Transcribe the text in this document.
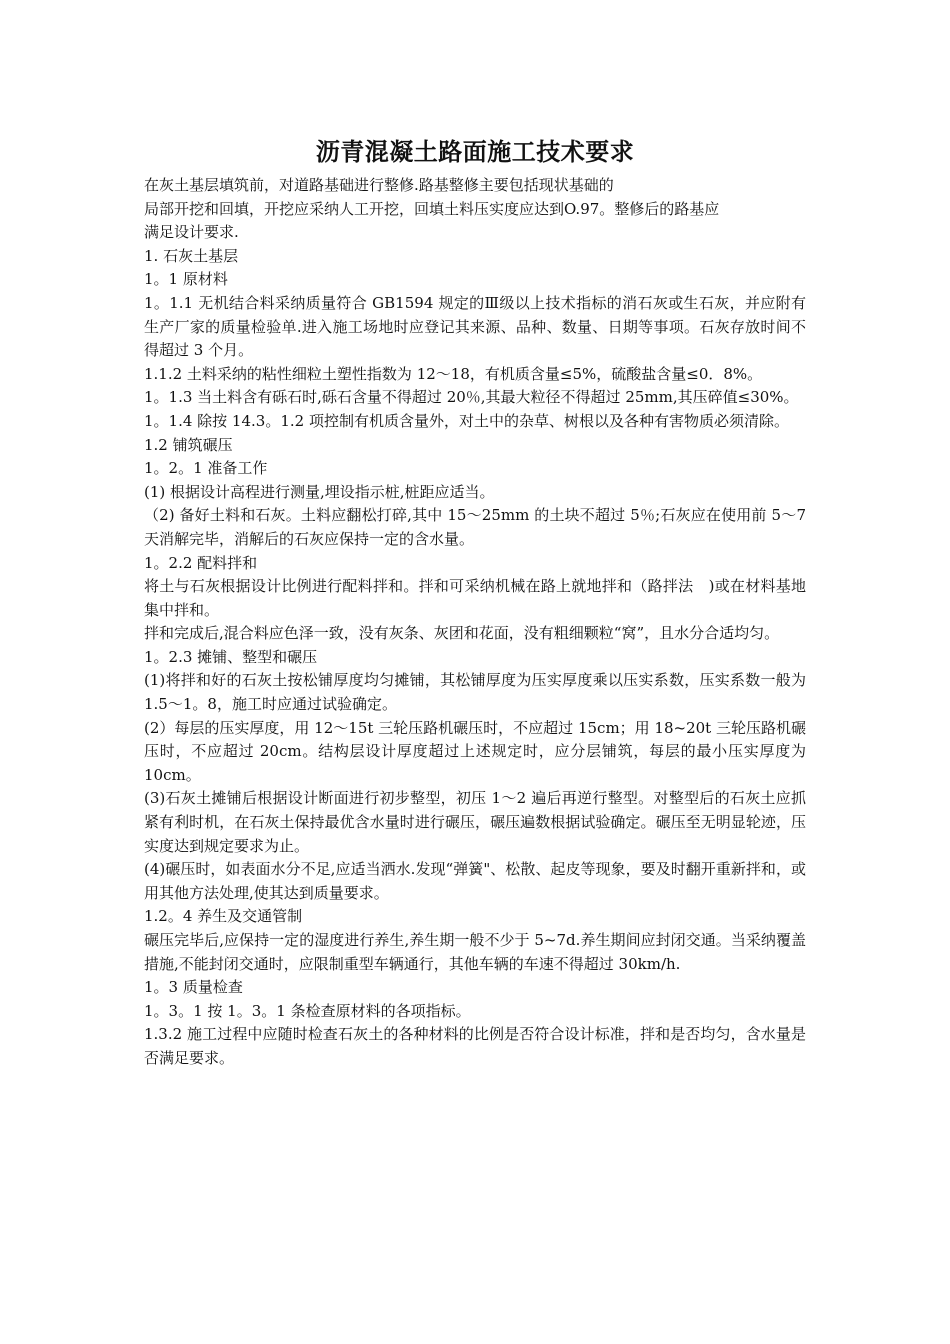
沥青混凝土路面施工技术要求

在灰土基层填筑前，对道路基础进行整修.路基整修主要包括现状基础的

局部开挖和回填，开挖应采纳人工开挖，回填土料压实度应达到O.97。整修后的路基应

满足设计要求.

1. 石灰土基层

1。1 原材料

1。1.1 无机结合料采纳质量符合 GB1594 规定的Ⅲ级以上技术指标的消石灰或生石灰，并应附有生产厂家的质量检验单.进入施工场地时应登记其来源、品种、数量、日期等事项。石灰存放时间不得超过 3 个月。

1.1.2 土料采纳的粘性细粒土塑性指数为 12～18，有机质含量≤5%，硫酸盐含量≤0．8%。

1。1.3 当土料含有砾石时,砾石含量不得超过 20％,其最大粒径不得超过 25mm,其压碎值≤30%。

1。1.4 除按 14.3。1.2 项控制有机质含量外，对土中的杂草、树根以及各种有害物质必须清除。

1.2 铺筑碾压

1。2。1 准备工作

(1) 根据设计高程进行测量,埋设指示桩,桩距应适当。

（2) 备好土料和石灰。土料应翻松打碎,其中 15～25mm 的土块不超过 5％;石灰应在使用前 5～7 天消解完毕，消解后的石灰应保持一定的含水量。

1。2.2 配料拌和

将土与石灰根据设计比例进行配料拌和。拌和可采纳机械在路上就地拌和（路拌法　)或在材料基地集中拌和。

拌和完成后,混合料应色泽一致，没有灰条、灰团和花面，没有粗细颗粒“窝”，且水分合适均匀。

1。2.3 摊铺、整型和碾压

(1)将拌和好的石灰土按松铺厚度均匀摊铺，其松铺厚度为压实厚度乘以压实系数，压实系数一般为 1.5～1。8，施工时应通过试验确定。

(2）每层的压实厚度，用 12～15t 三轮压路机碾压时，不应超过 15cm；用 18~20t 三轮压路机碾压时，不应超过 20cm。结构层设计厚度超过上述规定时，应分层铺筑，每层的最小压实厚度为 10cm。

(3)石灰土摊铺后根据设计断面进行初步整型，初压 1～2 遍后再逆行整型。对整型后的石灰土应抓紧有利时机，在石灰土保持最优含水量时进行碾压，碾压遍数根据试验确定。碾压至无明显轮迹，压实度达到规定要求为止。

(4)碾压时，如表面水分不足,应适当洒水.发现“弹簧"、松散、起皮等现象，要及时翻开重新拌和，或用其他方法处理,使其达到质量要求。

1.2。4 养生及交通管制

碾压完毕后,应保持一定的湿度进行养生,养生期一般不少于 5~7d.养生期间应封闭交通。当采纳覆盖措施,不能封闭交通时，应限制重型车辆通行，其他车辆的车速不得超过 30km/h.

1。3 质量检查

1。3。1 按 1。3。1 条检查原材料的各项指标。

1.3.2 施工过程中应随时检查石灰土的各种材料的比例是否符合设计标准，拌和是否均匀，含水量是否满足要求。
